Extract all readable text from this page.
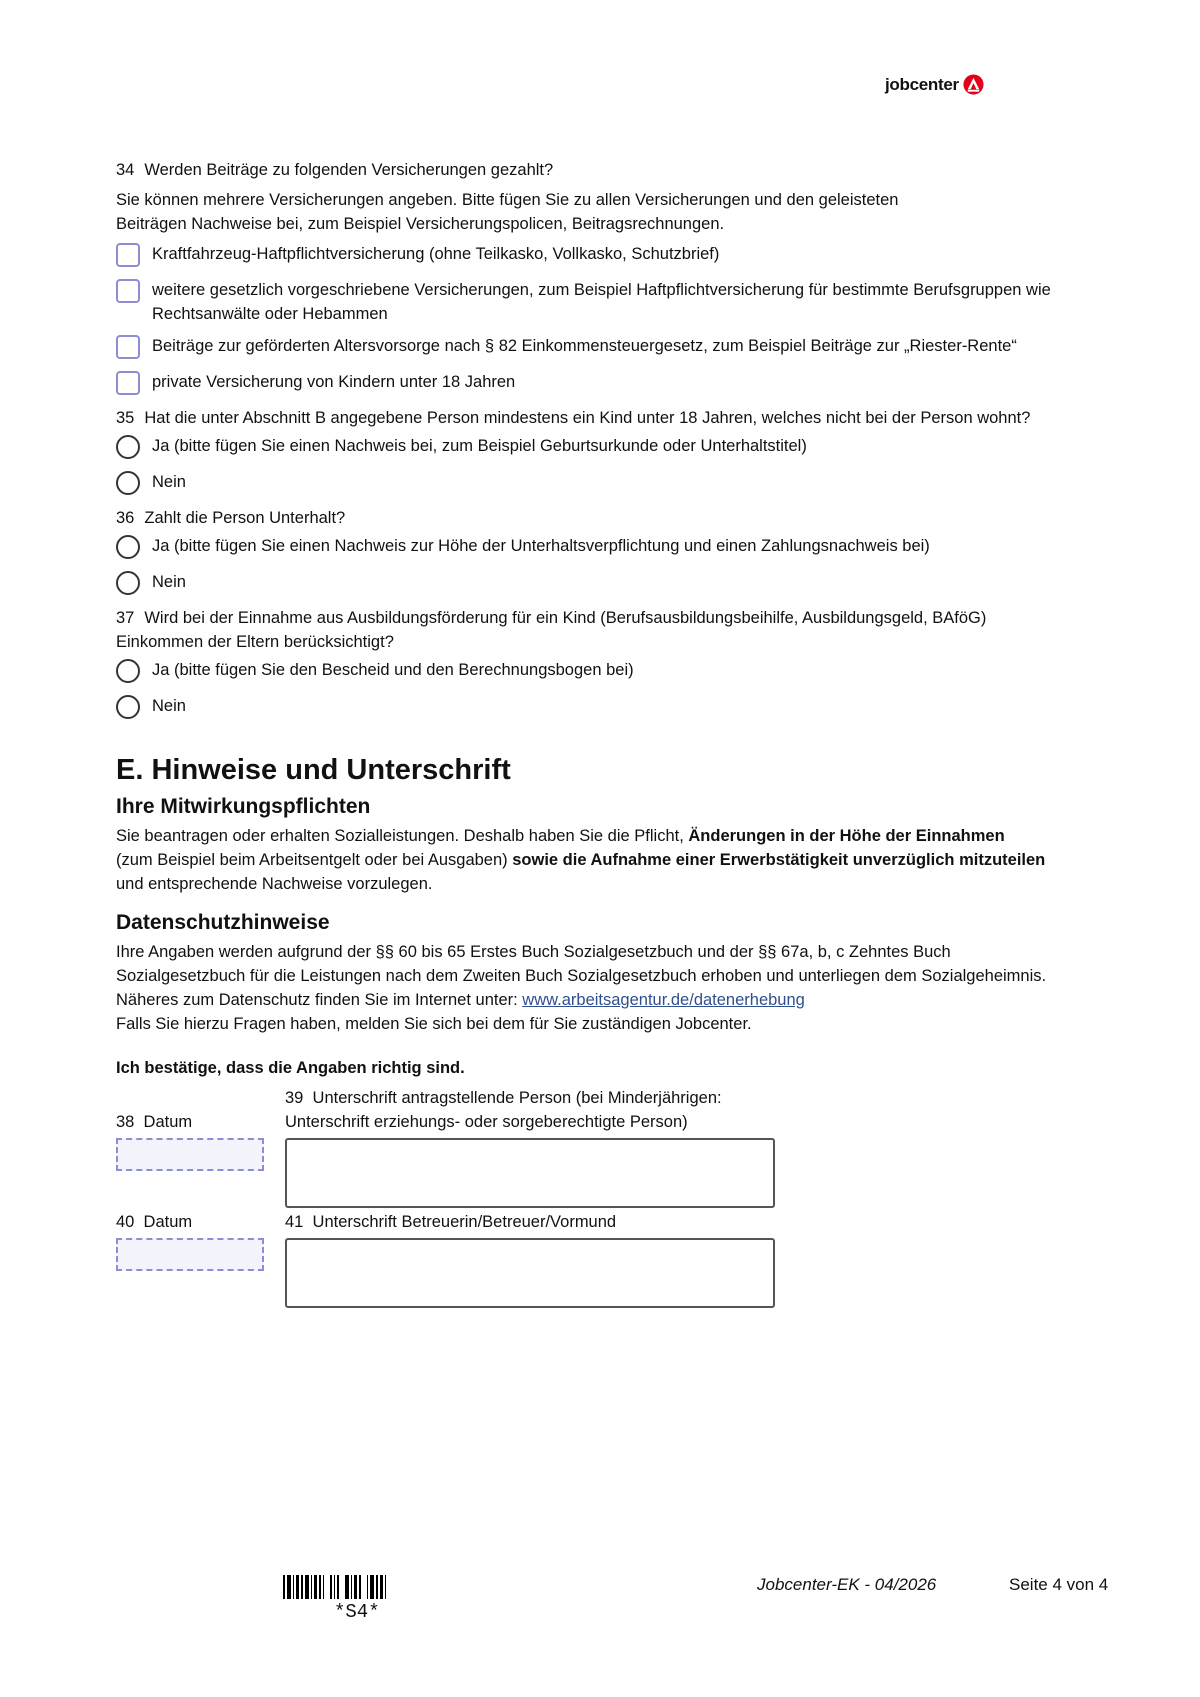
jobcenter
34 Werden Beiträge zu folgenden Versicherungen gezahlt?
Sie können mehrere Versicherungen angeben. Bitte fügen Sie zu allen Versicherungen und den geleisteten
Beiträgen Nachweise bei, zum Beispiel Versicherungspolicen, Beitragsrechnungen.
Kraftfahrzeug-Haftpflichtversicherung (ohne Teilkasko, Vollkasko, Schutzbrief)
weitere gesetzlich vorgeschriebene Versicherungen, zum Beispiel Haftpflichtversicherung für bestimmte Berufsgruppen wie Rechtsanwälte oder Hebammen
Beiträge zur geförderten Altersvorsorge nach § 82 Einkommensteuergesetz, zum Beispiel Beiträge zur „Riester-Rente“
private Versicherung von Kindern unter 18 Jahren
35 Hat die unter Abschnitt B angegebene Person mindestens ein Kind unter 18 Jahren, welches nicht bei der Person wohnt?
Ja (bitte fügen Sie einen Nachweis bei, zum Beispiel Geburtsurkunde oder Unterhaltstitel)
Nein
36 Zahlt die Person Unterhalt?
Ja (bitte fügen Sie einen Nachweis zur Höhe der Unterhaltsverpflichtung und einen Zahlungsnachweis bei)
Nein
37 Wird bei der Einnahme aus Ausbildungsförderung für ein Kind (Berufsausbildungsbeihilfe, Ausbildungsgeld, BAföG)
Einkommen der Eltern berücksichtigt?
Ja (bitte fügen Sie den Bescheid und den Berechnungsbogen bei)
Nein
E. Hinweise und Unterschrift
Ihre Mitwirkungspflichten

Sie beantragen oder erhalten Sozialleistungen. Deshalb haben Sie die Pflicht, Änderungen in der Höhe der Einnahmen
(zum Beispiel beim Arbeitsentgelt oder bei Ausgaben) sowie die Aufnahme einer Erwerbstätigkeit unverzüglich mitzuteilen
und entsprechende Nachweise vorzulegen.

Datenschutzhinweise

Ihre Angaben werden aufgrund der §§ 60 bis 65 Erstes Buch Sozialgesetzbuch und der §§ 67a, b, c Zehntes Buch
Sozialgesetzbuch für die Leistungen nach dem Zweiten Buch Sozialgesetzbuch erhoben und unterliegen dem Sozialgeheimnis.
Näheres zum Datenschutz finden Sie im Internet unter: www.arbeitsagentur.de/datenerhebung
Falls Sie hierzu Fragen haben, melden Sie sich bei dem für Sie zuständigen Jobcenter.

Ich bestätige, dass die Angaben richtig sind.
38 Datum
39 Unterschrift antragstellende Person (bei Minderjährigen:
Unterschrift erziehungs- oder sorgeberechtigte Person)
40 Datum	41 Unterschrift Betreuerin/Betreuer/Vormund
*S4*
Jobcenter-EK - 04/2026	Seite 4 von 4
